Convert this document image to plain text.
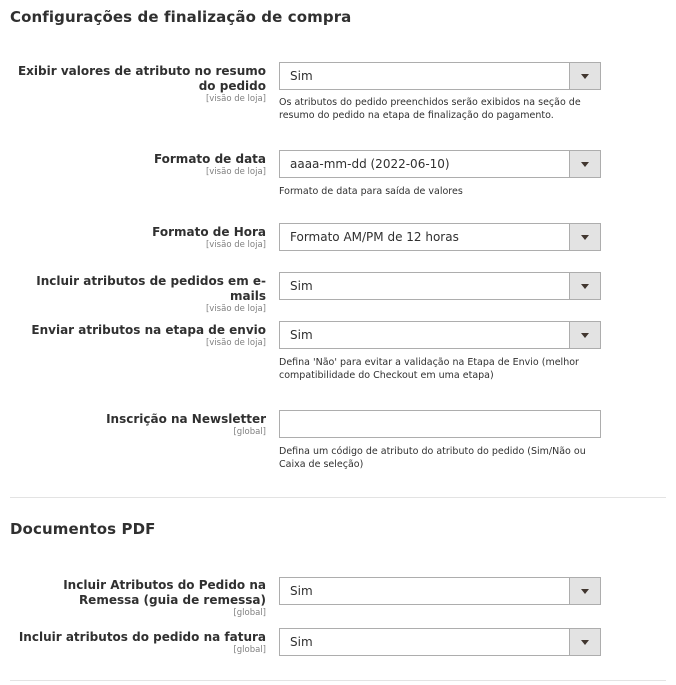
Configurações de finalização de compra
Exibir valores de atributo no resumo do pedido
[visão de loja]
Sim
Os atributos do pedido preenchidos serão exibidos na seção de resumo do pedido na etapa de finalização do pagamento.
Formato de data
[visão de loja]
aaaa-mm-dd (2022-06-10)
Formato de data para saída de valores
Formato de Hora
[visão de loja]
Formato AM/PM de 12 horas
Incluir atributos de pedidos em e-mails
[visão de loja]
Sim
Enviar atributos na etapa de envio
[visão de loja]
Sim
Defina 'Não' para evitar a validação na Etapa de Envio (melhor compatibilidade do Checkout em uma etapa)
Inscrição na Newsletter
[global]
Defina um código de atributo do atributo do pedido (Sim/Não ou Caixa de seleção)
Documentos PDF
Incluir Atributos do Pedido na Remessa (guia de remessa)
[global]
Sim
Incluir atributos do pedido na fatura
[global]
Sim
